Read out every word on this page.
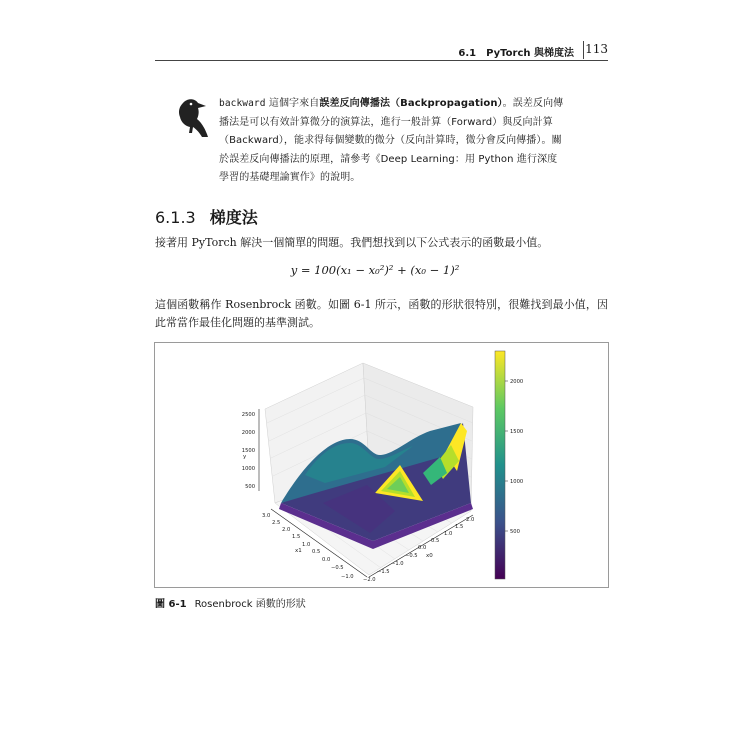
6.1　PyTorch 與梯度法 113
backward 這個字來自誤差反向傳播法（Backpropagation）。誤差反向傳播法是可以有效計算微分的演算法，進行一般計算（Forward）與反向計算（Backward），能求得每個變數的微分（反向計算時，微分會反向傳播）。關於誤差反向傳播法的原理，請參考《Deep Learning：用 Python 進行深度學習的基礎理論實作》的說明。
6.1.3 梯度法
接著用 PyTorch 解決一個簡單的問題。我們想找到以下公式表示的函數最小值。
y = 100(x₁ − x₀²)² + (x₀ − 1)²
這個函數稱作 Rosenbrock 函數。如圖 6-1 所示，函數的形狀很特別，很難找到最小值，因此常當作最佳化問題的基準測試。
500
1000
1500
2000
2500
y
3.0
2.5
2.0
1.5
1.0
0.5
0.0
−0.5
−1.0
x1
−2.0
−1.5
−1.0
−0.5
0.0
0.5
1.0
1.5
2.0
x0
2000
1500
1000
500
圖 6-1 Rosenbrock 函數的形狀
